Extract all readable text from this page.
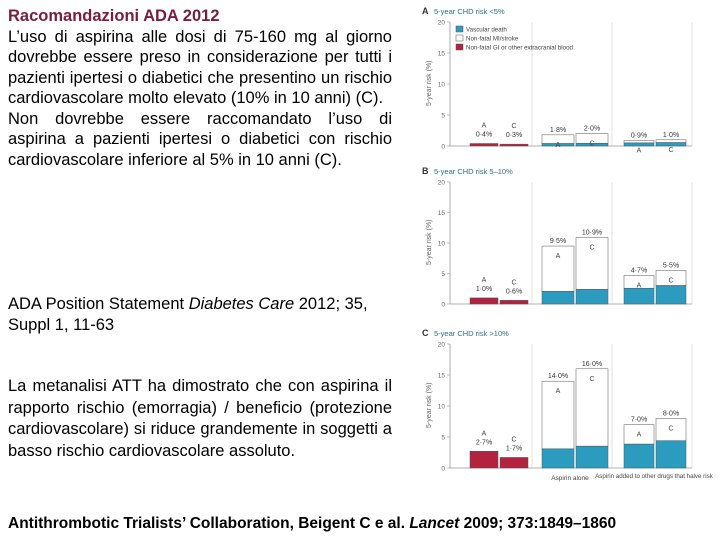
Racomandazioni ADA 2012

L’uso di aspirina alle dosi di 75-160 mg al giorno dovrebbe essere preso in considerazione per tutti i pazienti ipertesi o diabetici che presentino un rischio cardiovascolare molto elevato (10% in 10 anni) (C).

Non dovrebbe essere raccomandato l’uso di aspirina a pazienti ipertesi o diabetici con rischio cardiovascolare inferiore al 5% in 10 anni (C).

ADA Position Statement Diabetes Care 2012; 35, Suppl 1, 11-63
La metanalisi ATT ha dimostrato che con aspirina il rapporto rischio (emorragia) / beneficio (protezione cardiovascolare) si riduce grandemente in soggetti a basso rischio cardiovascolare assoluto.
Antithrombotic Trialists’ Collaboration, Beigent C e al. Lancet 2009; 373:1849–1860
A 5-year CHD risk <5%
0
5
10
15
20
5-year risk (%)
A
0·4%
C
0·3%
A
1·8%
C
2·0%
A
0·9%
C
1·0%
Vascular death
Non-fatal MI/stroke
Non-fatal GI or other extracranial blood
B 5-year CHD risk 5–10%
0
5
10
15
20
5-year risk (%)
A
1·0%
C
0·6%
A
9·5%
C
10·9%
A
4·7%
C
5·5%
C 5-year CHD risk >10%
0
5
10
15
20
5-year risk (%)
A
2·7%	C
1·7%
A
14·0%	C
16·0%
A
7·0%
C
8·0%
Aspirin alone Aspirin added to other drugs that halve risk
